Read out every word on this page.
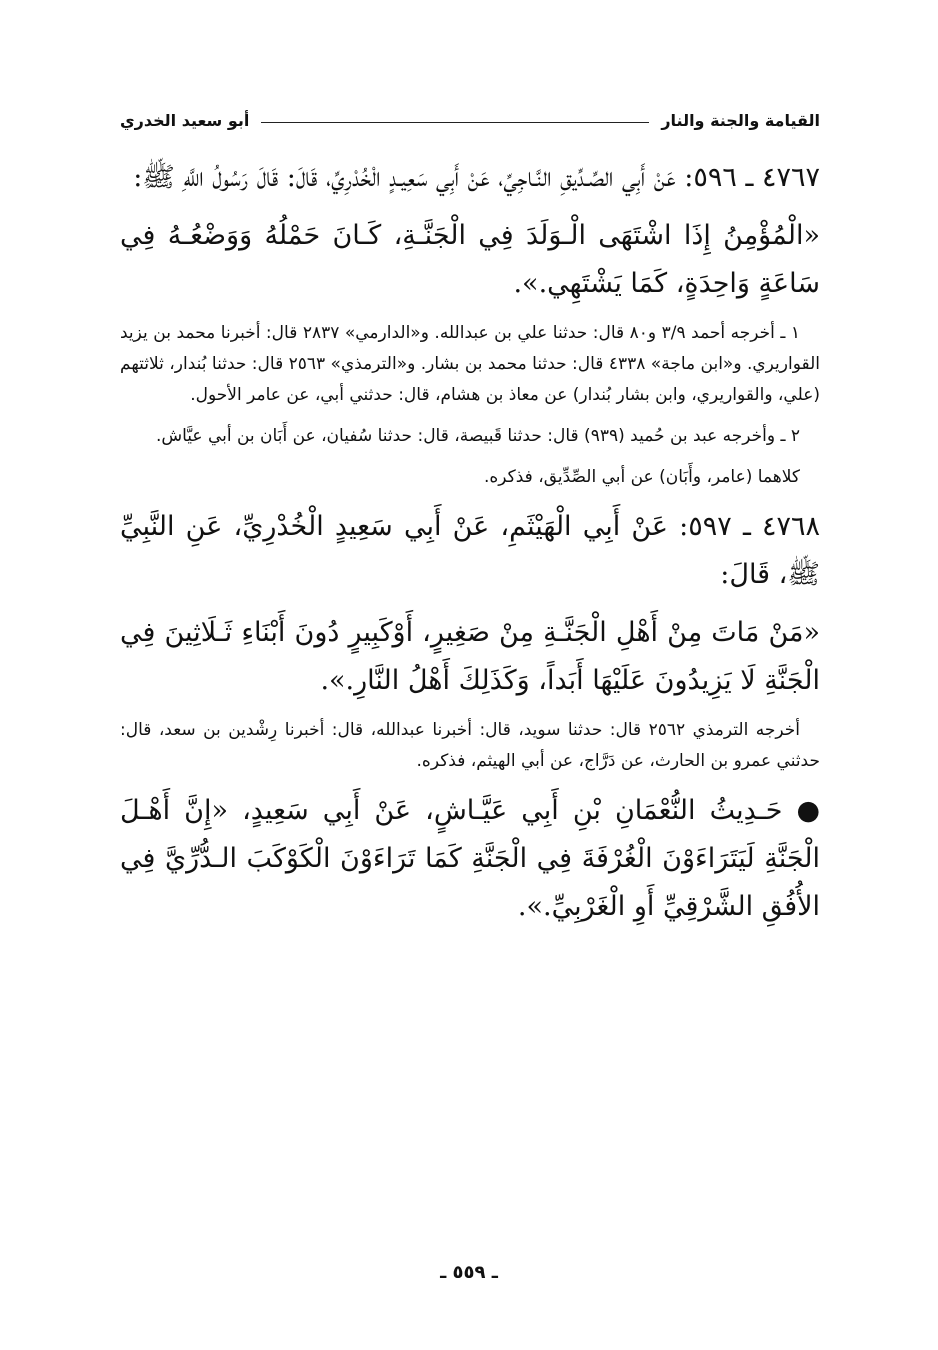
القيامة والجنة والنار
أبو سعيد الخدري

٤٧٦٧ ـ ٥٩٦: عَنْ أَبِي الصِّـدِّيقِ النَّـاجِيِّ، عَنْ أَبِي سَعِيـدٍ الْخُدْرِيِّ، قَالَ: قَالَ رَسُولُ اللَّهِ ﷺ:

«الْمُؤْمِنُ إِذَا اشْتَهَى الْـوَلَدَ فِي الْجَنَّـةِ، كَـانَ حَمْلُهُ وَوَضْعُـهُ فِي سَاعَةٍ وَاحِدَةٍ، كَمَا يَشْتَهِي.».

١ ـ أخرجه أحمد ٣/٩ و٨٠ قال: حدثنا علي بن عبدالله. و«الدارمي» ٢٨٣٧ قال: أخبرنا محمد بن يزيد القواريري. و«ابن ماجة» ٤٣٣٨ قال: حدثنا محمد بن بشار. و«الترمذي» ٢٥٦٣ قال: حدثنا بُندار، ثلاثتهم (علي، والقواريري، وابن بشار بُندار) عن معاذ بن هشام، قال: حدثني أبي، عن عامر الأحول.

٢ ـ وأخرجه عبد بن حُميد (٩٣٩) قال: حدثنا قَبيصة، قال: حدثنا سُفيان، عن أَبَان بن أبي عيَّاش.

كلاهما (عامر، وأَبَان) عن أبي الصِّدِّيق، فذكره.

٤٧٦٨ ـ ٥٩٧: عَنْ أَبِي الْهَيْثَمِ، عَنْ أَبِي سَعِيدٍ الْخُدْرِيِّ، عَنِ النَّبِيِّ ﷺ، قَالَ:

«مَنْ مَاتَ مِنْ أَهْلِ الْجَنَّـةِ مِنْ صَغِيرٍ، أَوْكَبِيرٍ دُونَ أَبْنَاءِ ثَـلَاثِينَ فِي الْجَنَّةِ لَا يَزِيدُونَ عَلَيْهَا أَبَداً، وَكَذَلِكَ أَهْلُ النَّارِ.».

أخرجه الترمذي ٢٥٦٢ قال: حدثنا سويد، قال: أخبرنا عبدالله، قال: أخبرنا رِشْدين بن سعد، قال: حدثني عمرو بن الحارث، عن دَرَّاج، عن أبي الهيثم، فذكره.

● حَـدِيثُ النُّعْمَانِ بْنِ أَبِي عَيَّـاشٍ، عَنْ أَبِي سَعِيدٍ، «إِنَّ أَهْـلَ الْجَنَّةِ لَيَتَرَاءَوْنَ الْغُرْفَةَ فِي الْجَنَّةِ كَمَا تَرَاءَوْنَ الْكَوْكَبَ الـدُّرِّيَّ فِي الأُفُقِ الشَّرْقِيِّ أَوِ الْغَرْبِيِّ.».

ـ ٥٥٩ ـ
